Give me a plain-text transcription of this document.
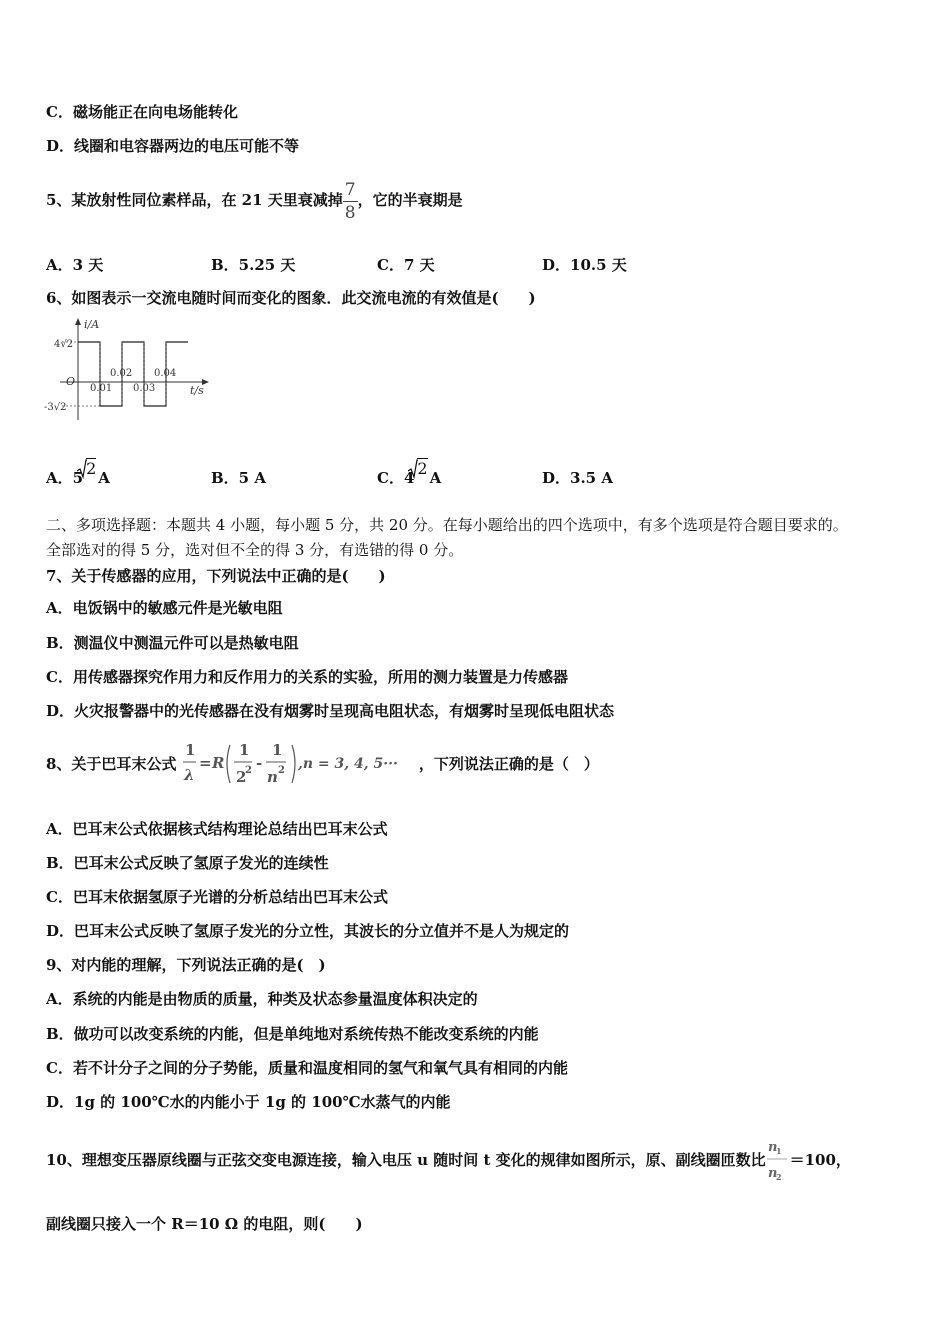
C．磁场能正在向电场能转化
D．线圈和电容器两边的电压可能不等
5、某放射性同位素样品，在 21 天里衰减掉 $\frac{7}{8}$ ，它的半衰期是
A．3 天	B．5.25 天	C．7 天	D．10.5 天
6、如图表示一交流电随时间而变化的图象．此交流电流的有效值是(　　)
i/A
t/s
O
4√2
-3√2
0.01
0.02
0.03
0.04
A．5 2 A	B．5 A	C．4 2 A	D．3.5 A
二、多项选择题：本题共 4 小题，每小题 5 分，共 20 分。在每小题给出的四个选项中，有多个选项是符合题目要求的。
全部选对的得 5 分，选对但不全的得 3 分，有选错的得 0 分。
7、关于传感器的应用，下列说法中正确的是(　　)
A．电饭锅中的敏感元件是光敏电阻
B．测温仪中测温元件可以是热敏电阻
C．用传感器探究作用力和反作用力的关系的实验，所用的测力装置是力传感器
D．火灾报警器中的光传感器在没有烟雾时呈现高电阻状态，有烟雾时呈现低电阻状态
8、关于巴耳末公式
1
λ
= R
1
2
2 -
1
n 2 ,n = 3, 4, 5··· ，下列说法正确的是（　）
A．巴耳末公式依据核式结构理论总结出巴耳末公式
B．巴耳末公式反映了氢原子发光的连续性
C．巴耳末依据氢原子光谱的分析总结出巴耳末公式
D．巴耳末公式反映了氢原子发光的分立性，其波长的分立值并不是人为规定的
9、对内能的理解，下列说法正确的是(　)
A．系统的内能是由物质的质量，种类及状态参量温度体积决定的
B．做功可以改变系统的内能，但是单纯地对系统传热不能改变系统的内能
C．若不计分子之间的分子势能，质量和温度相同的氢气和氧气具有相同的内能
D．1g 的 100℃水的内能小于 1g 的 100℃水蒸气的内能
10、理想变压器原线圈与正弦交变电源连接，输入电压 u 随时间 t 变化的规律如图所示，原、副线圈匝数比
n
1
n
2
＝100，
副线圈只接入一个 R＝10 Ω 的电阻，则(　　)
